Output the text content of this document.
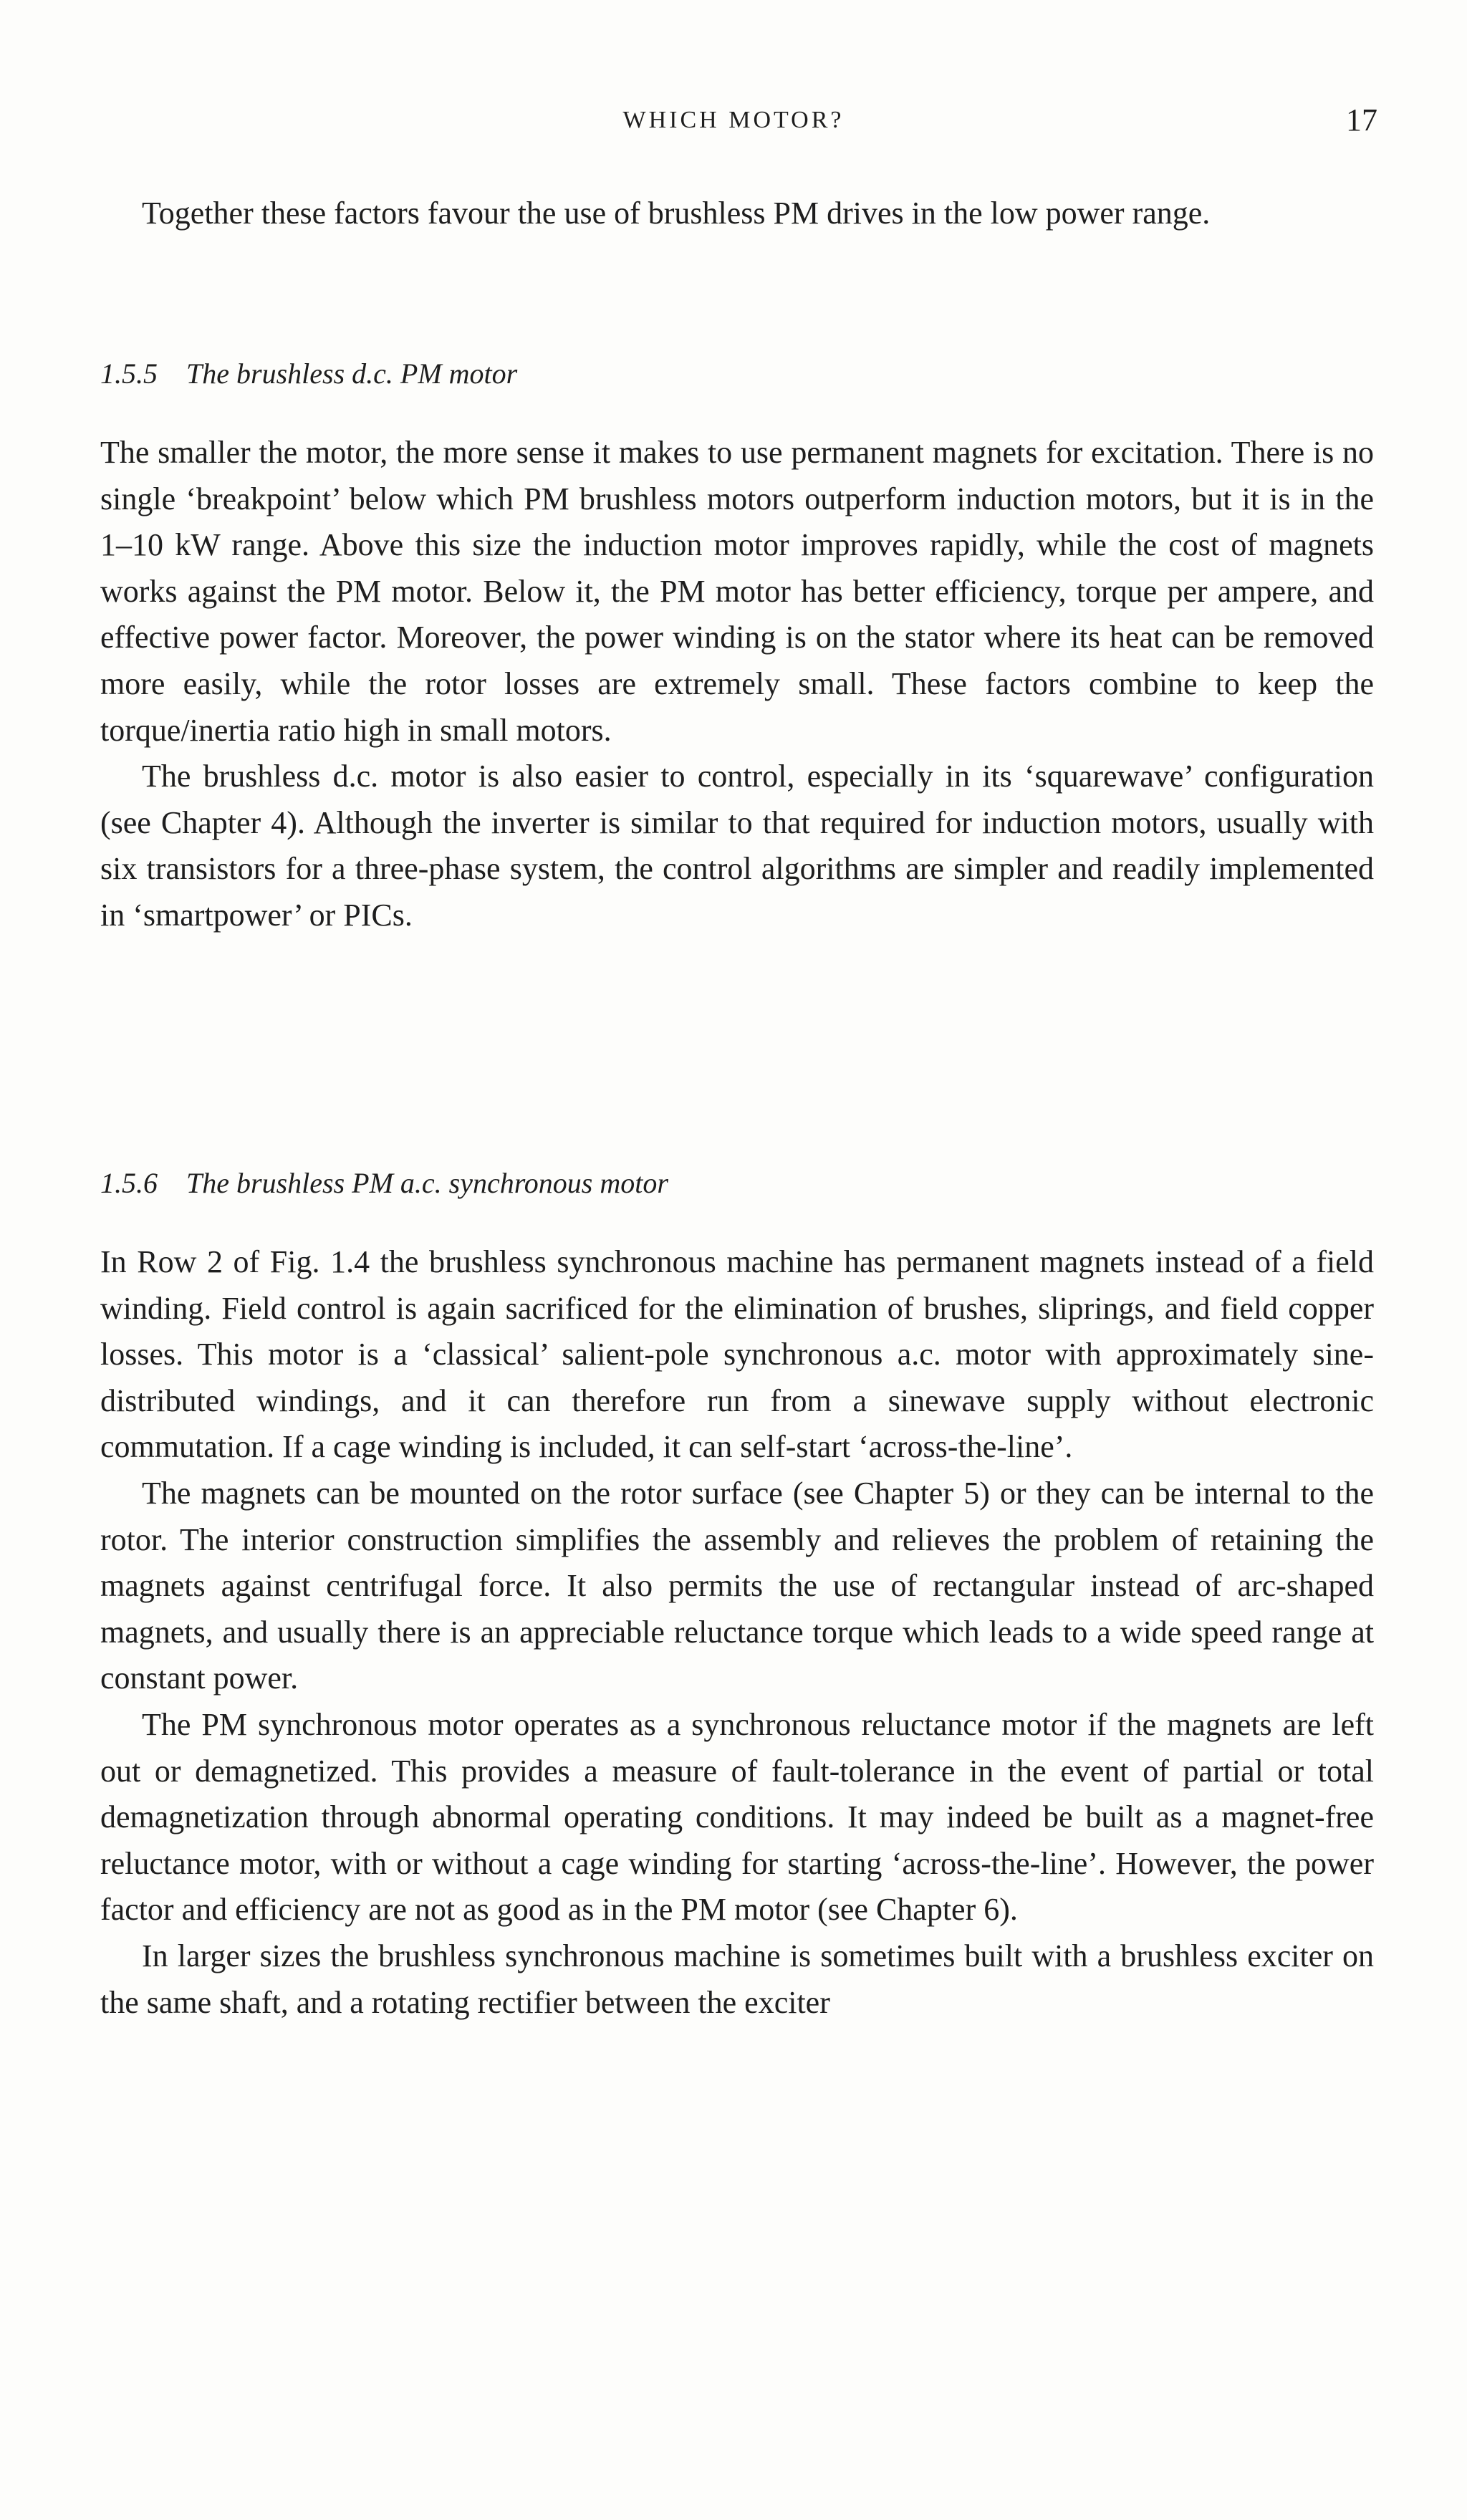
WHICH MOTOR?	17

Together these factors favour the use of brushless PM drives in the low power range.

1.5.5 The brushless d.c. PM motor

The smaller the motor, the more sense it makes to use permanent magnets for excitation. There is no single ‘breakpoint’ below which PM brushless motors outperform induction motors, but it is in the 1–10 kW range. Above this size the induction motor improves rapidly, while the cost of magnets works against the PM motor. Below it, the PM motor has better efficiency, torque per ampere, and effective power factor. Moreover, the power winding is on the stator where its heat can be removed more easily, while the rotor losses are extremely small. These factors combine to keep the torque/inertia ratio high in small motors.

The brushless d.c. motor is also easier to control, especially in its ‘squarewave’ configuration (see Chapter 4). Although the inverter is similar to that required for induction motors, usually with six transistors for a three-phase system, the control algorithms are simpler and readily implemented in ‘smartpower’ or PICs.

1.5.6 The brushless PM a.c. synchronous motor

In Row 2 of Fig. 1.4 the brushless synchronous machine has permanent magnets instead of a field winding. Field control is again sacrificed for the elimination of brushes, sliprings, and field copper losses. This motor is a ‘classical’ salient-pole synchronous a.c. motor with approximately sine-distributed windings, and it can therefore run from a sinewave supply without electronic commutation. If a cage winding is included, it can self-start ‘across-the-line’.

The magnets can be mounted on the rotor surface (see Chapter 5) or they can be internal to the rotor. The interior construction simplifies the assembly and relieves the problem of retaining the magnets against centrifugal force. It also permits the use of rectangular instead of arc-shaped magnets, and usually there is an appreciable reluctance torque which leads to a wide speed range at constant power.

The PM synchronous motor operates as a synchronous reluctance motor if the magnets are left out or demagnetized. This provides a measure of fault-tolerance in the event of partial or total demagnetization through abnormal operating conditions. It may indeed be built as a magnet-free reluctance motor, with or without a cage winding for starting ‘across-the-line’. However, the power factor and efficiency are not as good as in the PM motor (see Chapter 6).

In larger sizes the brushless synchronous machine is sometimes built with a brushless exciter on the same shaft, and a rotating rectifier between the exciter
